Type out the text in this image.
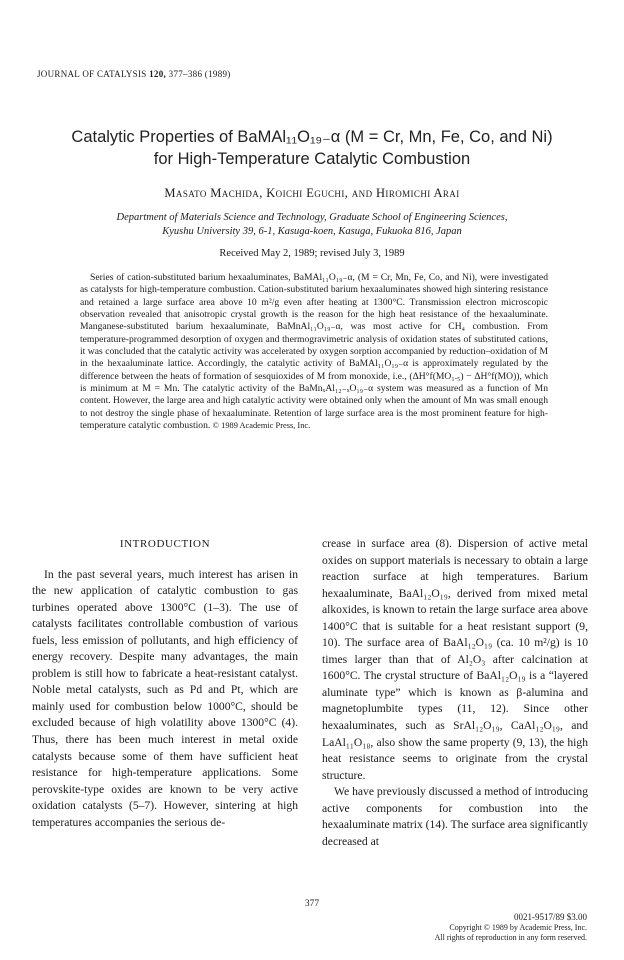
JOURNAL OF CATALYSIS 120, 377–386 (1989)
Catalytic Properties of BaMAl₁₁O₁₉₋α (M = Cr, Mn, Fe, Co, and Ni)
for High-Temperature Catalytic Combustion
Masato Machida, Koichi Eguchi, and Hiromichi Arai
Department of Materials Science and Technology, Graduate School of Engineering Sciences,
Kyushu University 39, 6-1, Kasuga-koen, Kasuga, Fukuoka 816, Japan
Received May 2, 1989; revised July 3, 1989
Series of cation-substituted barium hexaaluminates, BaMAl₁₁O₁₉₋α, (M = Cr, Mn, Fe, Co, and Ni), were investigated as catalysts for high-temperature combustion. Cation-substituted barium hexaaluminates showed high sintering resistance and retained a large surface area above 10 m²/g even after heating at 1300°C. Transmission electron microscopic observation revealed that anisotropic crystal growth is the reason for the high heat resistance of the hexaaluminate. Manganese-substituted barium hexaaluminate, BaMnAl₁₁O₁₉₋α, was most active for CH₄ combustion. From temperature-programmed desorption of oxygen and thermogravimetric analysis of oxidation states of substituted cations, it was concluded that the catalytic activity was accelerated by oxygen sorption accompanied by reduction–oxidation of M in the hexaaluminate lattice. Accordingly, the catalytic activity of BaMAl₁₁O₁₉₋α is approximately regulated by the difference between the heats of formation of sesquioxides of M from monoxide, i.e., (ΔH°f(MO₁.₅) − ΔH°f(MO)), which is minimum at M = Mn. The catalytic activity of the BaMnₓAl₁₂₋ₓO₁₉₋α system was measured as a function of Mn content. However, the large area and high catalytic activity were obtained only when the amount of Mn was small enough to not destroy the single phase of hexaaluminate. Retention of large surface area is the most prominent feature for high-temperature catalytic combustion. © 1989 Academic Press, Inc.
INTRODUCTION

In the past several years, much interest has arisen in the new application of catalytic combustion to gas turbines operated above 1300°C (1–3). The use of catalysts facilitates controllable combustion of various fuels, less emission of pollutants, and high efficiency of energy recovery. Despite many advantages, the main problem is still how to fabricate a heat-resistant catalyst. Noble metal catalysts, such as Pd and Pt, which are mainly used for combustion below 1000°C, should be excluded because of high volatility above 1300°C (4). Thus, there has been much interest in metal oxide catalysts because some of them have sufficient heat resistance for high-temperature applications. Some perovskite-type oxides are known to be very active oxidation catalysts (5–7). However, sintering at high temperatures accompanies the serious de-

crease in surface area (8). Dispersion of active metal oxides on support materials is necessary to obtain a large reaction surface at high temperatures. Barium hexaaluminate, BaAl₁₂O₁₉, derived from mixed metal alkoxides, is known to retain the large surface area above 1400°C that is suitable for a heat resistant support (9, 10). The surface area of BaAl₁₂O₁₉ (ca. 10 m²/g) is 10 times larger than that of Al₂O₃ after calcination at 1600°C. The crystal structure of BaAl₁₂O₁₉ is a “layered aluminate type” which is known as β-alumina and magnetoplumbite types (11, 12). Since other hexaaluminates, such as SrAl₁₂O₁₉, CaAl₁₂O₁₉, and LaAl₁₁O₁₈, also show the same property (9, 13), the high heat resistance seems to originate from the crystal structure.

We have previously discussed a method of introducing active components for combustion into the hexaaluminate matrix (14). The surface area significantly decreased at

377
0021-9517/89 $3.00
Copyright © 1989 by Academic Press, Inc.
All rights of reproduction in any form reserved.
